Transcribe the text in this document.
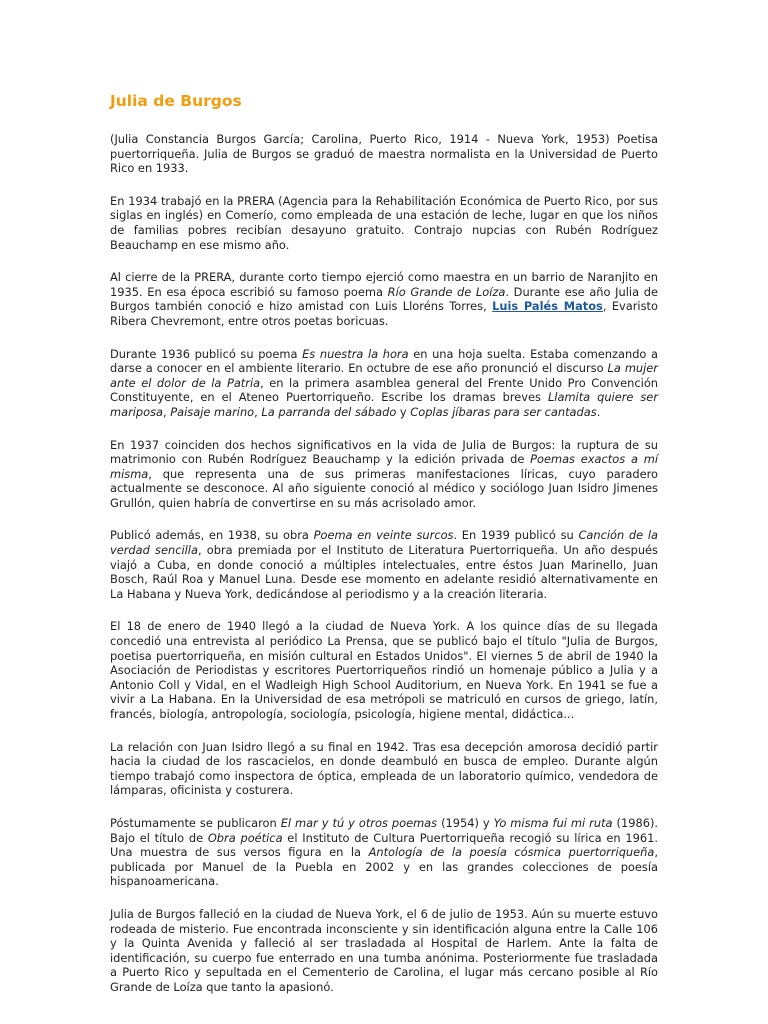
Julia de Burgos

(Julia Constancia Burgos García; Carolina, Puerto Rico, 1914 - Nueva York, 1953) Poetisa puertorriqueña. Julia de Burgos se graduó de maestra normalista en la Universidad de Puerto Rico en 1933.

En 1934 trabajó en la PRERA (Agencia para la Rehabilitación Económica de Puerto Rico, por sus siglas en inglés) en Comerío, como empleada de una estación de leche, lugar en que los niños de familias pobres recibían desayuno gratuito. Contrajo nupcias con Rubén Rodríguez Beauchamp en ese mismo año.

Al cierre de la PRERA, durante corto tiempo ejerció como maestra en un barrio de Naranjito en 1935. En esa época escribió su famoso poema Río Grande de Loíza. Durante ese año Julia de Burgos también conoció e hizo amistad con Luis Lloréns Torres, Luis Palés Matos, Evaristo Ribera Chevremont, entre otros poetas boricuas.

Durante 1936 publicó su poema Es nuestra la hora en una hoja suelta. Estaba comenzando a darse a conocer en el ambiente literario. En octubre de ese año pronunció el discurso La mujer ante el dolor de la Patria, en la primera asamblea general del Frente Unido Pro Convención Constituyente, en el Ateneo Puertorriqueño. Escribe los dramas breves Llamita quiere ser mariposa, Paisaje marino, La parranda del sábado y Coplas jíbaras para ser cantadas.

En 1937 coinciden dos hechos significativos en la vida de Julia de Burgos: la ruptura de su matrimonio con Rubén Rodríguez Beauchamp y la edición privada de Poemas exactos a mí misma, que representa una de sus primeras manifestaciones líricas, cuyo paradero actualmente se desconoce. Al año siguiente conoció al médico y sociólogo Juan Isidro Jimenes Grullón, quien habría de convertirse en su más acrisolado amor.

Publicó además, en 1938, su obra Poema en veinte surcos. En 1939 publicó su Canción de la verdad sencilla, obra premiada por el Instituto de Literatura Puertorriqueña. Un año después viajó a Cuba, en donde conoció a múltiples intelectuales, entre éstos Juan Marinello, Juan Bosch, Raúl Roa y Manuel Luna. Desde ese momento en adelante residió alternativamente en La Habana y Nueva York, dedicándose al periodismo y a la creación literaria.

El 18 de enero de 1940 llegó a la ciudad de Nueva York. A los quince días de su llegada concedió una entrevista al periódico La Prensa, que se publicó bajo el título "Julia de Burgos, poetisa puertorriqueña, en misión cultural en Estados Unidos". El viernes 5 de abril de 1940 la Asociación de Periodistas y escritores Puertorriqueños rindió un homenaje público a Julia y a Antonio Coll y Vidal, en el Wadleigh High School Auditorium, en Nueva York. En 1941 se fue a vivir a La Habana. En la Universidad de esa metrópoli se matriculó en cursos de griego, latín, francés, biología, antropología, sociología, psicología, higiene mental, didáctica...

La relación con Juan Isidro llegó a su final en 1942. Tras esa decepción amorosa decidió partir hacia la ciudad de los rascacielos, en donde deambuló en busca de empleo. Durante algún tiempo trabajó como inspectora de óptica, empleada de un laboratorio químico, vendedora de lámparas, oficinista y costurera.

Póstumamente se publicaron El mar y tú y otros poemas (1954) y Yo misma fui mi ruta (1986). Bajo el título de Obra poética el Instituto de Cultura Puertorriqueña recogió su lírica en 1961. Una muestra de sus versos figura en la Antología de la poesía cósmica puertorriqueña, publicada por Manuel de la Puebla en 2002 y en las grandes colecciones de poesía hispanoamericana.

Julia de Burgos falleció en la ciudad de Nueva York, el 6 de julio de 1953. Aún su muerte estuvo rodeada de misterio. Fue encontrada inconsciente y sin identificación alguna entre la Calle 106 y la Quinta Avenida y falleció al ser trasladada al Hospital de Harlem. Ante la falta de identificación, su cuerpo fue enterrado en una tumba anónima. Posteriormente fue trasladada a Puerto Rico y sepultada en el Cementerio de Carolina, el lugar más cercano posible al Río Grande de Loíza que tanto la apasionó.
